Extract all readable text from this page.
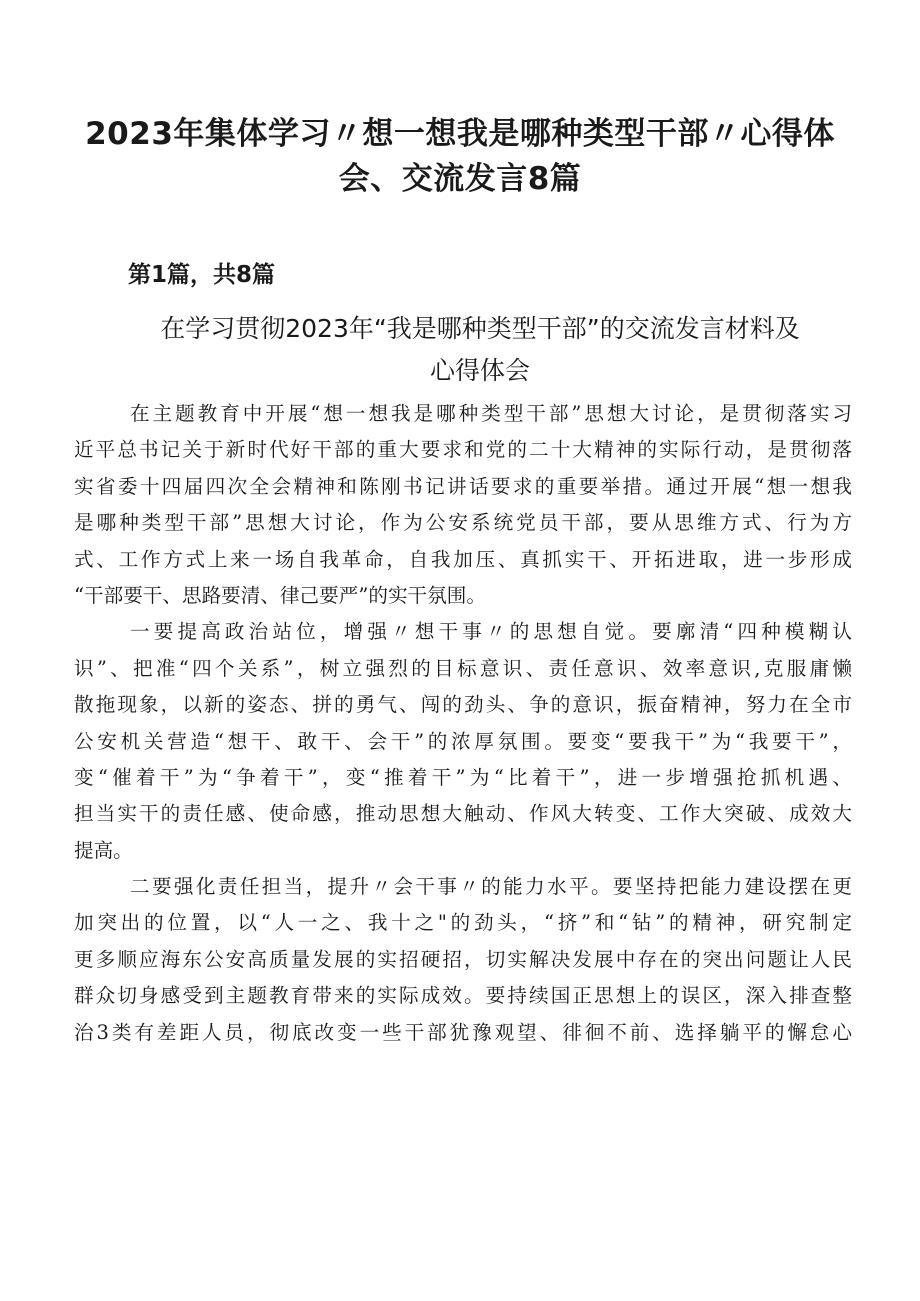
2023年集体学习〃想一想我是哪种类型干部〃心得体
会、交流发言8篇
第1篇，共8篇
在学习贯彻2023年“我是哪种类型干部”的交流发言材料及
心得体会
在主题教育中开展“想一想我是哪种类型干部”思想大讨论，是贯彻落实习
近平总书记关于新时代好干部的重大要求和党的二十大精神的实际行动，是贯彻落
实省委十四届四次全会精神和陈刚书记讲话要求的重要举措。通过开展“想一想我
是哪种类型干部”思想大讨论，作为公安系统党员干部，要从思维方式、行为方
式、工作方式上来一场自我革命，自我加压、真抓实干、开拓进取，进一步形成
“干部要干、思路要清、律己要严”的实干氛围。
一要提高政治站位，增强〃想干事〃的思想自觉。要廓清“四种模糊认
识”、把准“四个关系”，树立强烈的目标意识、责任意识、效率意识,克服庸懒
散拖现象，以新的姿态、拼的勇气、闯的劲头、争的意识，振奋精神，努力在全市
公安机关营造“想干、敢干、会干”的浓厚氛围。要变“要我干”为“我要干”，
变“催着干”为“争着干”，变“推着干”为“比着干”，进一步增强抢抓机遇、
担当实干的责任感、使命感，推动思想大触动、作风大转变、工作大突破、成效大
提高。
二要强化责任担当，提升〃会干事〃的能力水平。要坚持把能力建设摆在更
加突出的位置，以“人一之、我十之"的劲头，“挤”和“钻”的精神，研究制定
更多顺应海东公安高质量发展的实招硬招，切实解决发展中存在的突出问题让人民
群众切身感受到主题教育带来的实际成效。要持续国正思想上的误区，深入排查整
治3类有差距人员，彻底改变一些干部犹豫观望、徘徊不前、选择躺平的懈怠心
